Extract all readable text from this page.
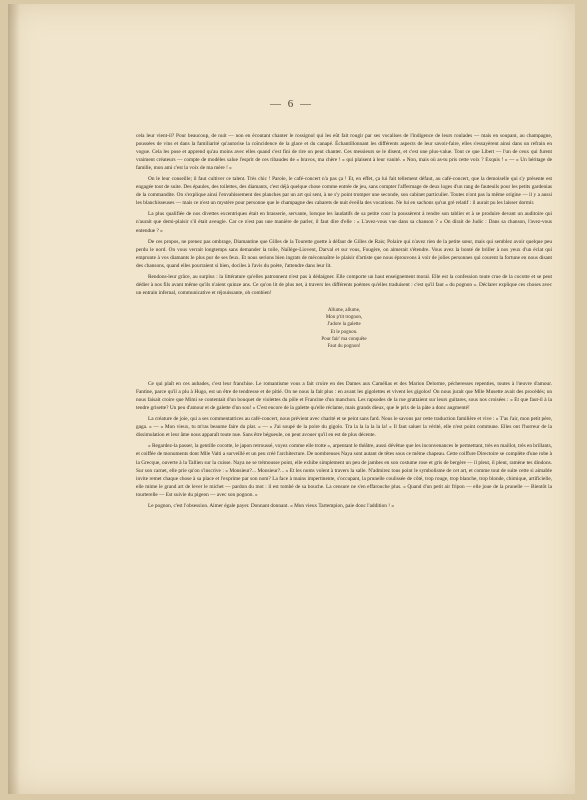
— 6 —

cela leur vient-il? Pour beaucoup, de nuit — non en écoutant chanter le rossignol qui les eût fait rougir par ses vocalises de l'indigence de leurs roulades — mais en soupant, au champagne, poussées de vins et dans la familiarité qu'autorise la coïncidence de la glace et du canapé. Échantillonnant les différents aspects de leur savoir-faire, elles s'essayèrent ainsi dans un refrain en vogue. Cela les pose et apprend qu'au moins avec elles quand c'est fini de rire on peut chanter. Ces messieurs se le disent, et c'est une plus-value. Tout ce que Libert — l'un de ceux qui furent vraiment créateurs — compte de modèles salue l'esprit de ces ribaudes de « bravos, ma chère ! » qui plaisent à leur vanité. « Non, mais où as-tu pris cette voix ? Exquis ! » — « Un héritage de famille, mon ami c'est la voix de ma mère ! »

On le leur conseille; il faut cultiver ce talent. Très chic ! Parole, le café-concert n'a pas ça ! Et, en effet, ça lui fait tellement défaut, au café-concert, que la demoiselle qui s'y présente est engagée tout de suite. Des épaules, des toilettes, des diamants, c'est déjà quelque chose comme entrée de jeu, sans compter l'affermage de deux loges d'un rang de fauteuils pour les petits gardenias de la commandite. On s'explique ainsi l'envahissement des planches par un art qui sent, à ne s'y point tromper une seconde, son cabinet particulier. Toutes n'ont pas la même origine — il y a aussi les blanchisseuses — mais ce n'est un mystère pour personne que le champagne des cabarets de nuit éveilla des vocations. Ne lui en sachons qu'un gré relatif : il aurait pu les laisser dormir.

La plus qualifiée de nos divettes excentriques était en brasserie, servante, lorsque les laudatifs de sa petite cour la poussèrent à rendre son tablier et à se produire devant un auditoire qui n'aurait que demi-plaisir s'il était aveugle. Car ce n'est pas une manière de parler, il faut dire d'elle : « L'avez-vous vue dans sa chanson ? » On dirait de Judic : Dans sa chanson, l'avez-vous entendue ? »

De ces propos, ne prenez pas ombrage, Diamantine que Gilles de la Tourette guette à défaut de Gilles de Rais; Polaire qui n'avez rien de la petite sœur, mais qui semblez avoir quelque peu perdu le nord. On vous verrait longtemps sans demander la toile, Naïlège-Liovent, Darval et sur vous, Fougère, on aimerait s'étendre. Vous avez la bonté de briller à nos yeux d'un éclat qui emprunte à vos diamants le plus pur de ses feux. Et nous serions bien ingrats de méconnaître le plaisir d'artiste que nous éprouvons à voir de jolies personnes qui courent la fortune en nous disant des chansons, quand elles pourraient si bien, dociles à l'avis du poète, l'attendre dans leur lit.

Rendons-leur grâce, au surplus : la littérature qu'elles patronnent n'est pas à dédaigner. Elle comporte un haut enseignement moral. Elle est la confession toute crue de la cocotte et se peut dédier à nos fils avant même qu'ils n'aient quinze ans. Ce qu'on lit de plus net, à travers les différents poèmes qu'elles traduisent : c'est qu'il faut « du pognon ». Déclarer explique ces choses avec un entrain infernal, communicative et réjouissante, oh combien!

Allume, allume,
Mon p'tit trognon,
J'adore la galette
Et le pognon.
Pour fair' ma conquête
Faut du pognon!

Ce qui plaît en ces aubades, c'est leur franchise. Le romantisme vous a fait croire en des Dames aux Camélias et des Marion Delorme, pécheresses repenties, toutes à l'œuvre d'amour. Fantine, parce qu'il a plu à Hugo, est un être de tendresse et de pitié. On ne nous la fait plus : en avant les gigolettes et vivent les gigolos! On nous jurait que Mlle Musette avait des procédés; on nous faisait croire que Mimi se contentait d'un bouquet de violettes du pôle et Francine d'un manchon. Les rapsodes de la rue grattaient sur leurs guitares, sous nos croisées : « Et que faut-il à la tendre grisette? Un peu d'amour et de galette d'un sou! » C'est encore de la galette qu'elle réclame, mais grands dieux, que le prix de la pâte a donc augmenté!

La créature de joie, qui a ses commentatrices au café-concert, nous prévient avec charité et se peint sans fard. Nous le savons par cette traduction familière et vive : « T'as l'air, mon petit père, gaga. » — « Mon vieux, tu m'ras beaume faire du plat. » — « J'ai soupé de la poire du gigolo. Tra la la la la la la! » Il faut saluer la vérité, elle n'est point commune. Elles ont l'horreur de la dissimulation et leur âme nous apparaît toute nue. Sans être bégueule, on peut avouer qu'il en est de plus décente.

« Regardez-la passer, la gentille cocotte, le japon retroussé, voyez comme elle trotte », arpentant le théâtre, aussi dévêtue que les inconvenances le permettant, très en maillot, très en brillants, et coiffée de monuments dont Mlle Valti a surveillé et un peu créé l'architecture. De nombreuses Naya sont autant de têtes sous ce même chapeau. Cette coiffure Directoire se complète d'une robe à la Grecque, ouverte à la Tallien sur la cuisse. Naya ne se trémousse point, elle exhibe simplement un peu de jambes en son costume rose et gris de bergère — il pleut, il pleut, ramène tes dindons. Sur son carnet, elle prie qu'on s'inscrive : « Monsieur?... Monsieur?... » Et les noms volent à travers la salle. N'admirez tous point le symbolisme de cet art, et comme tout de suite cette si aimable invite remet chaque chose à sa place et l'exprime par son nom? La face à mains impertinente, s'occupant, la prunelle coulissée de côté, trop rouge, trop blanche, trop blonde, chimique, artificielle, elle mime le grand art de lever le michet — pardon du mot : il est tombé de sa bouche. La censure ne s'en effarouche plus. « Quand d'un petit air fripon — elle joue de la prunelle — Bientôt la tourterelle — Est suivie du pigeon — avec son pognon. »

Le pognon, c'est l'obsession. Aimer égale payer. Donnant donnant. « Mon vieux Tartempion, paie donc l'addition ! »
